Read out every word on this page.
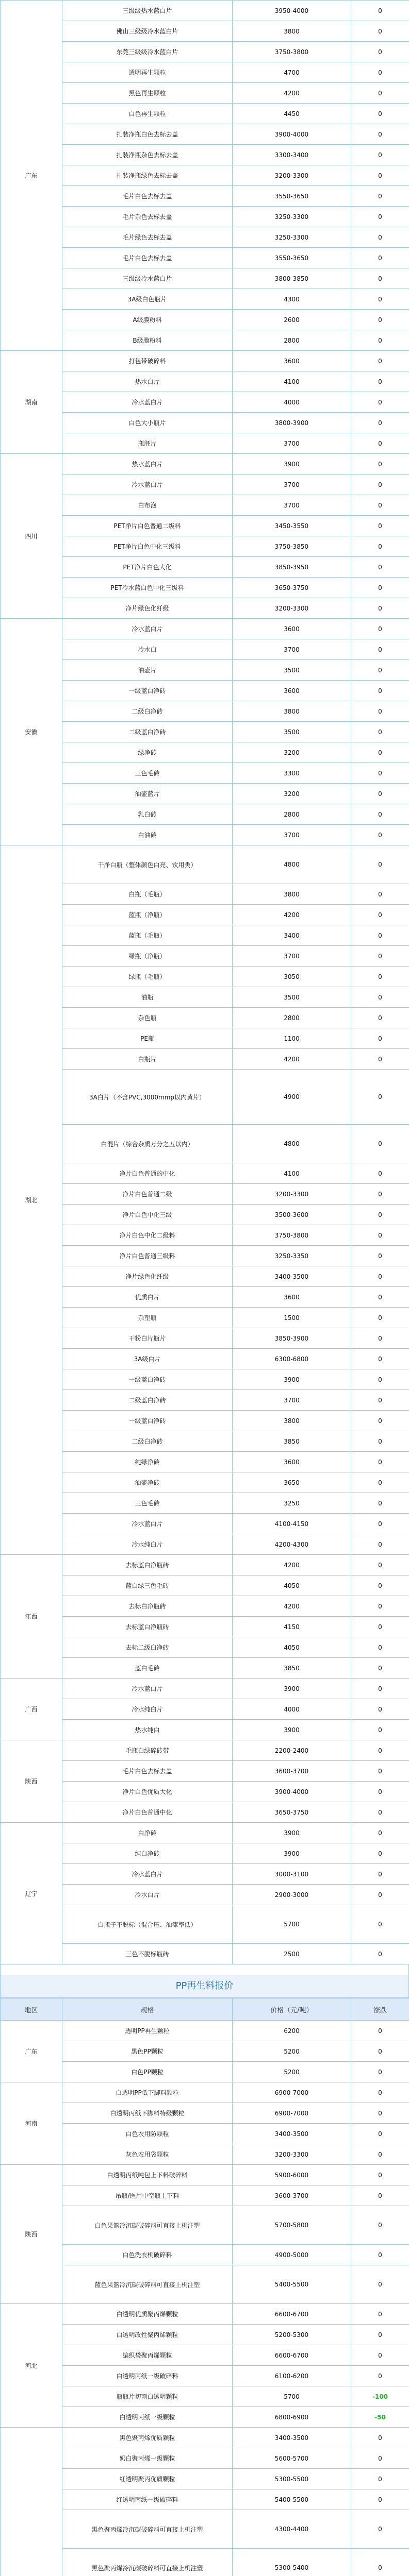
广东	三级级热水蓝白片	3950-4000	0
	佛山三级级冷水蓝白片	3800	0
	东莞三级级冷水蓝白片	3750-3800	0
	透明再生颗粒	4700	0
	黑色再生颗粒	4200	0
	白色再生颗粒	4450	0
	扎装净瓶白色去标去盖	3900-4000	0
	扎装净瓶杂色去标去盖	3300-3400	0
	扎装净瓶绿色去标去盖	3200-3300	0
	毛片白色去标去盖	3550-3650	0
	毛片杂色去标去盖	3250-3300	0
	毛片绿色去标去盖	3250-3300	0
	毛片白色去标去盖	3550-3650	0
	三级级冷水蓝白片	3800-3850	0
	3A级白色瓶片	4300	0
	A级膜粉料	2600	0
	B级膜粉料	2800	0
湖南	打包带破碎料	3600	0
	热水白片	4100	0
	冷水蓝白片	4000	0
	白色大小瓶片	3800-3900	0
	瓶胚片	3700	0
四川	热水蓝白片	3900	0
	冷水蓝白片	3700	0
	白布泡	3700	0
	PET净片白色普通二级料	3450-3550	0
	PET净片白色中化三级料	3750-3850	0
	PET净片白色大化	3850-3950	0
	PET冷水蓝白色中化三级料	3650-3750	0
	净片绿色化纤级	3200-3300	0
安徽	冷水蓝白片	3600	0
	冷水白	3700	0
	油壶片	3500	0
	一级蓝白净砖	3600	0
	二级白净砖	3800	0
	二级蓝白净砖	3500	0
	绿净砖	3200	0
	三色毛砖	3300	0
	油壶蓝片	3200	0
	乳白砖	2800	0
	白油砖	3700	0
湖北	干净白瓶（整体颜色白亮、饮用类）	4800	0
	白瓶（毛瓶）	3800	0
	蓝瓶（净瓶）	4200	0
	蓝瓶（毛瓶）	3400	0
	绿瓶（净瓶）	3700	0
	绿瓶（毛瓶）	3050	0
	油瓶	3500	0
	杂色瓶	2800	0
	PE瓶	1100	0
	白瓶片	4200	0
	3A白片（不含PVC,3000mmp以内黄片）	4900	0
	白混片（综合杂质万分之五以内）	4800	0
	净片白色普通的中化	4100	0
	净片白色普通二级	3200-3300	0
	净片白色中化三级	3500-3600	0
	净片白色中化二级料	3750-3800	0
	净片白色普通三级料	3250-3350	0
	净片绿色化纤级	3400-3500	0
	优质白片	3600	0
	杂塑瓶	1500	0
	干粉白片瓶片	3850-3900	0
	3A级白片	6300-6800	0
	一级蓝白净砖	3900	0
	二级蓝白净砖	3700	0
	一级蓝白净砖	3800	0
	二级白净砖	3850	0
	纯绿净砖	3600	0
	油壶净砖	3650	0
	三色毛砖	3250	0
	冷水蓝白片	4100-4150	0
	冷水纯白片	4200-4300	0
江西	去标蓝白净瓶砖	4200	0
	蓝白绿三色毛砖	4050	0
	去标白净瓶砖	4200	0
	去标蓝白净瓶砖	4150	0
	去标二级白净砖	4050	0
	蓝白毛砖	3850	0
广西	冷水蓝白片	3900	0
	冷水纯白片	4000	0
	热水纯白	3900	0
陕西	毛瓶白绿碎砖带	2200-2400	0
	毛片白色去标去盖	3600-3700	0
	净片白色优质大化	3900-4000	0
	净片白色普通中化	3650-3750	0
辽宁	白净砖	3900	0
	纯白净砖	3900	0
	冷水蓝白片	3000-3100	0
	冷水白片	2900-3000	0
	白瓶子不脱标（混合压、油漆率低）	5700	0
	三色不脱标瓶砖	2500	0
PP再生料报价
地区	规格	价格（元/吨）	涨跌
广东	透明PP再生颗粒	6200	0
	黑色PP颗粒	5200	0
	白色PP颗粒	5200	0
河南	白透明PP低下脚料颗粒	6900-7000	0
	白透明丙纸下脚料特级颗粒	6900-7000	0
	白色农用防颗粒	3400-3500	0
	灰色农用袋颗粒	3200-3300	0
陕西	白透明丙纸吨包上下料破碎料	5900-6000	0
	吊瓶/医用中空瓶上下料	3600-3700	0
	白色果篮冷沉碳破碎料可直接上机注塑	5700-5800	0
	白色洗衣机破碎料	4900-5000	0
	蓝色果篮冷沉碳破碎料可直接上机注塑	5400-5500	0
河北	白透明优质聚丙烯颗粒	6600-6700	0
	白透明改性聚丙烯颗粒	5200-5300	0
	编织袋聚丙烯颗粒	6600-6700	0
	白透明丙纸一级破碎料	6100-6200	0
	瓶瓶片切割白透明颗粒	5700	-100
	白透明丙纸一级颗粒	6800-6900	-50
	黑色聚丙烯优质颗粒	3400-3500	0
	奶白聚丙烯一级颗粒	5600-5700	0
	红透明聚丙优质颗粒	5300-5500	0
	红透明丙纸一级破碎料	5400-5500	0
	黑色聚丙烯冷沉碳破碎料可直接上机注塑	4300-4400	0
	黑色聚丙烯冷沉碳破碎料可直接上机注塑	5300-5400	0
